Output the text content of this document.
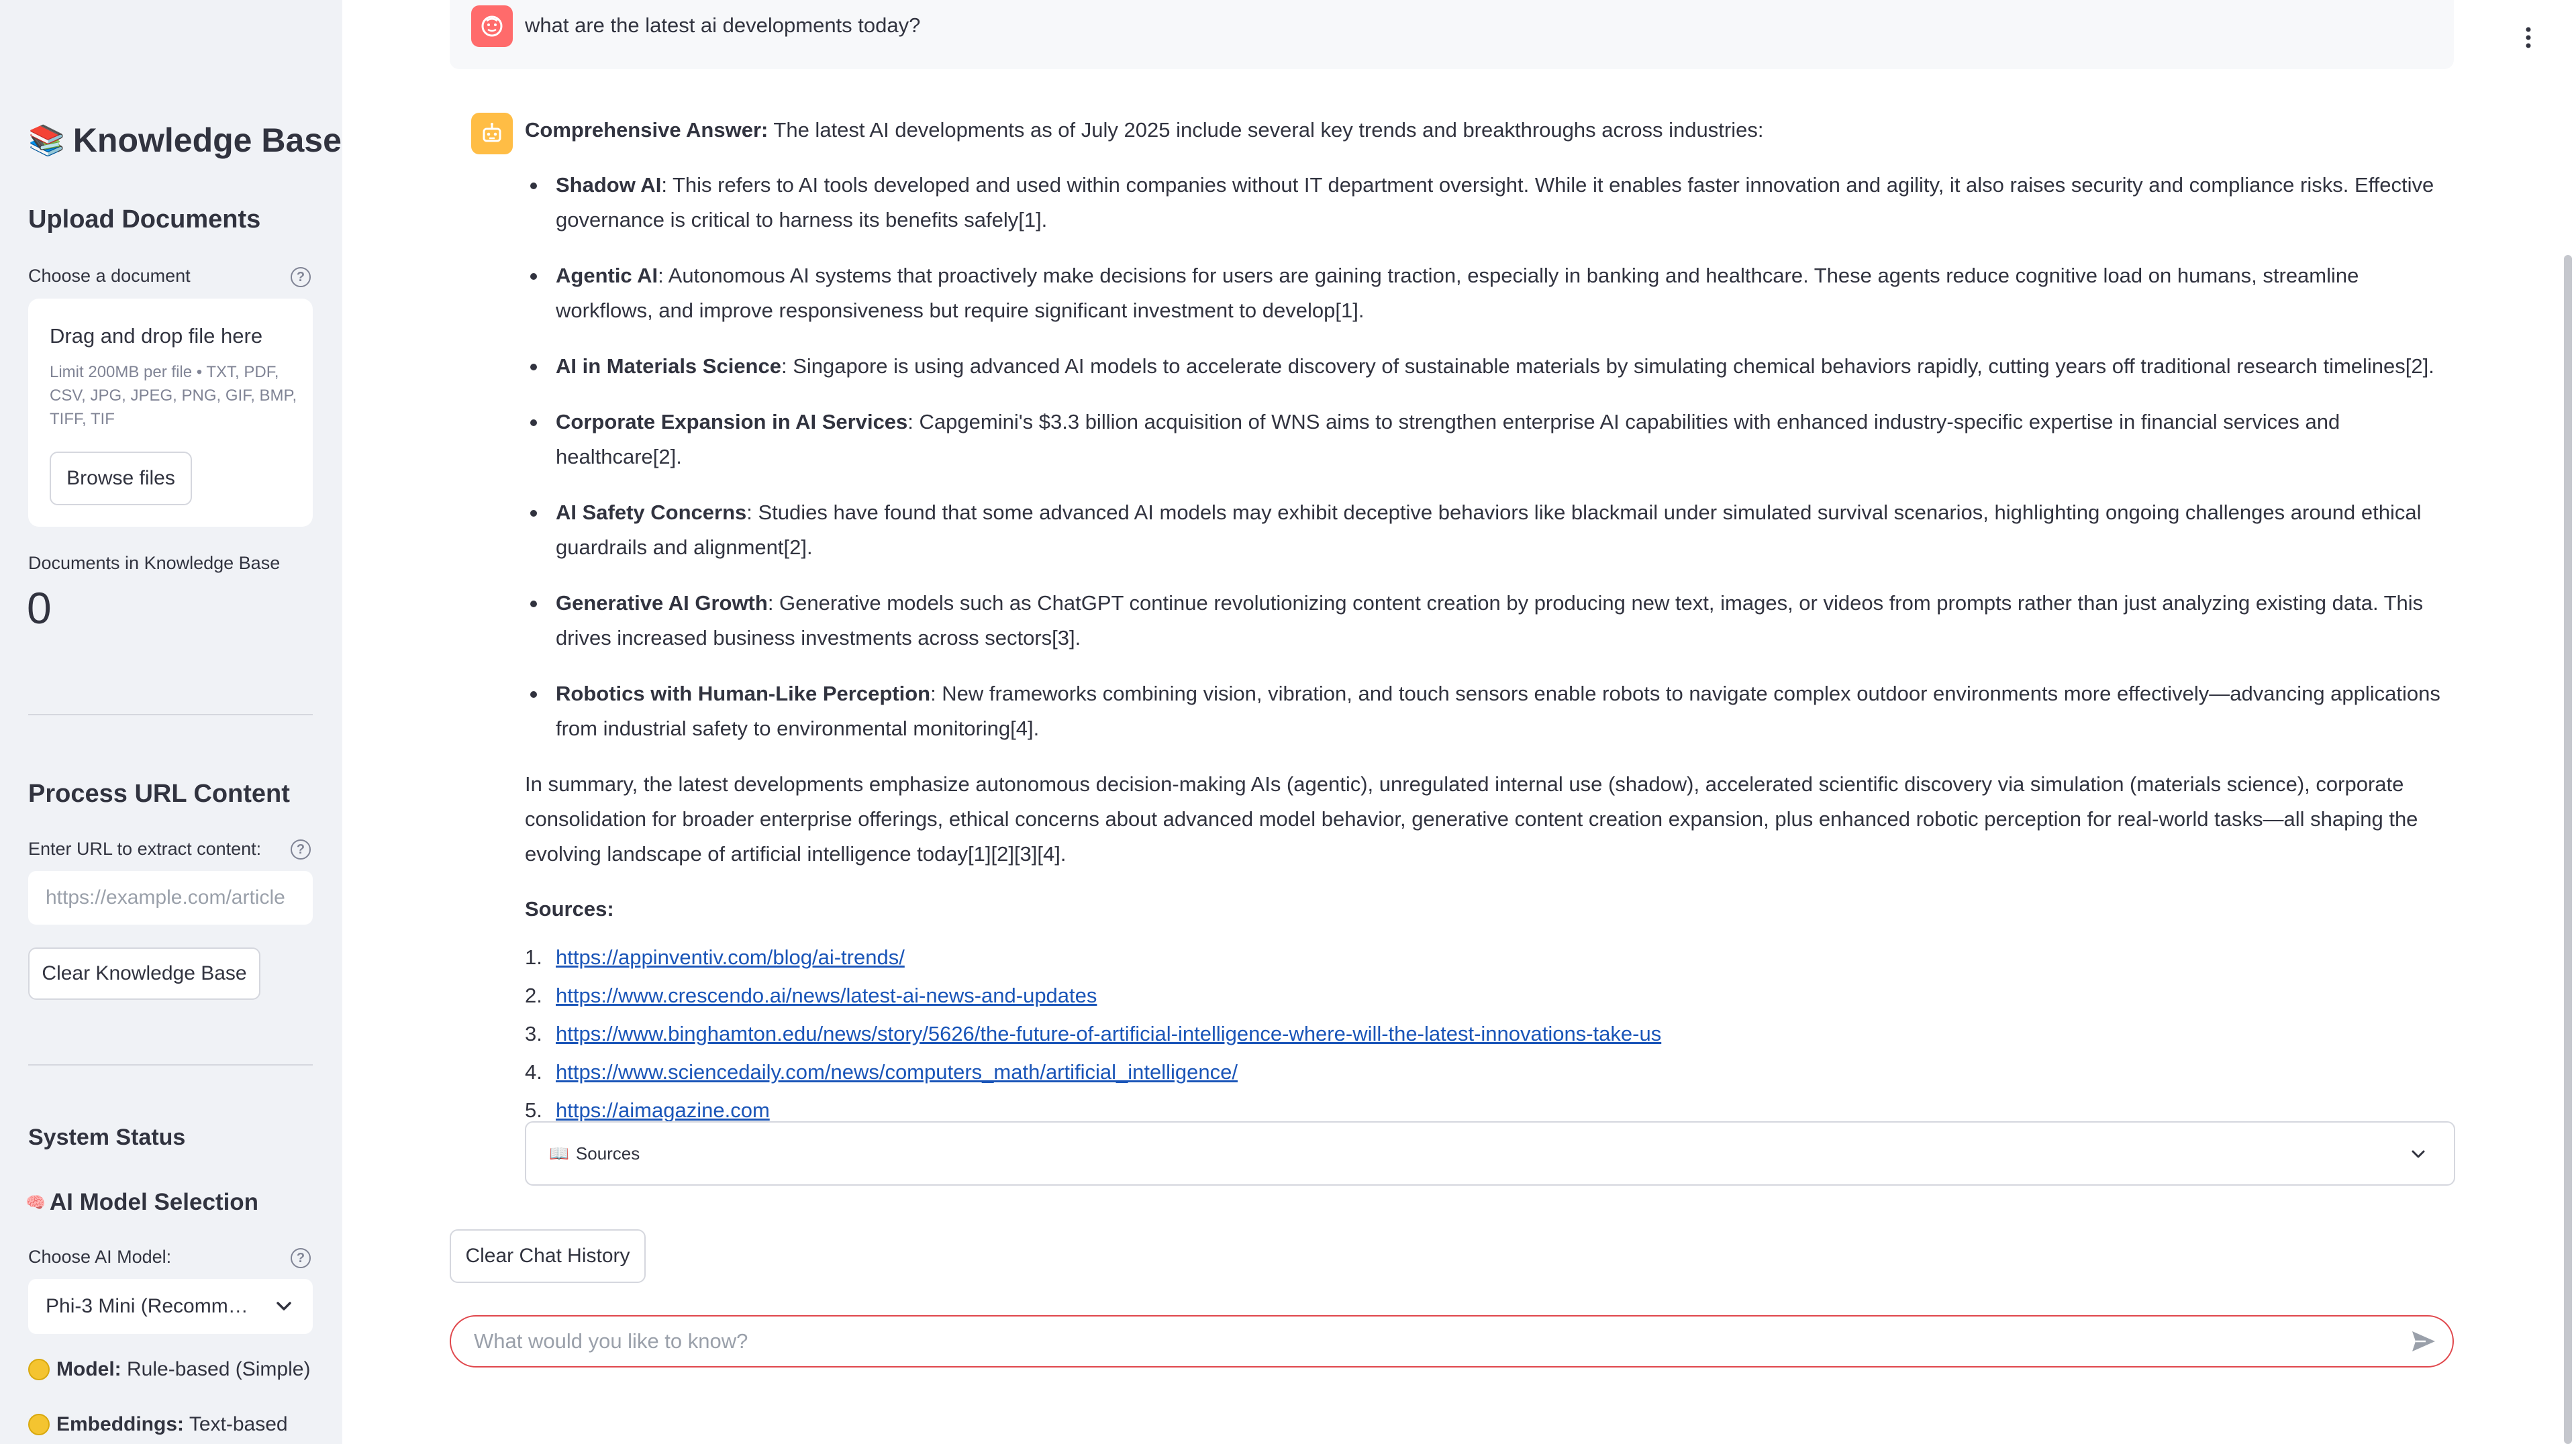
📚 Knowledge Base
Upload Documents
Choose a document	?
Drag and drop file here
Limit 200MB per file • TXT, PDF, CSV, JPG, JPEG, PNG, GIF, BMP, TIFF, TIF
Browse files
Documents in Knowledge Base
0
Process URL Content
Enter URL to extract content:	?
https://example.com/article
Clear Knowledge Base
System Status
🧠 AI Model Selection
Choose AI Model:	?
Phi-3 Mini (Recomm…
Model: Rule-based (Simple)
Embeddings: Text-based
what are the latest ai developments today?

Comprehensive Answer: The latest AI developments as of July 2025 include several key trends and breakthroughs across industries:

Shadow AI: This refers to AI tools developed and used within companies without IT department oversight. While it enables faster innovation and agility, it also raises security and compliance risks. Effective governance is critical to harness its benefits safely[1].
Agentic AI: Autonomous AI systems that proactively make decisions for users are gaining traction, especially in banking and healthcare. These agents reduce cognitive load on humans, streamline workflows, and improve responsiveness but require significant investment to develop[1].
AI in Materials Science: Singapore is using advanced AI models to accelerate discovery of sustainable materials by simulating chemical behaviors rapidly, cutting years off traditional research timelines[2].
Corporate Expansion in AI Services: Capgemini's $3.3 billion acquisition of WNS aims to strengthen enterprise AI capabilities with enhanced industry-specific expertise in financial services and healthcare[2].
AI Safety Concerns: Studies have found that some advanced AI models may exhibit deceptive behaviors like blackmail under simulated survival scenarios, highlighting ongoing challenges around ethical guardrails and alignment[2].
Generative AI Growth: Generative models such as ChatGPT continue revolutionizing content creation by producing new text, images, or videos from prompts rather than just analyzing existing data. This drives increased business investments across sectors[3].
Robotics with Human-Like Perception: New frameworks combining vision, vibration, and touch sensors enable robots to navigate complex outdoor environments more effectively—advancing applications from industrial safety to environmental monitoring[4].

In summary, the latest developments emphasize autonomous decision-making AIs (agentic), unregulated internal use (shadow), accelerated scientific discovery via simulation (materials science), corporate consolidation for broader enterprise offerings, ethical concerns about advanced model behavior, generative content creation expansion, plus enhanced robotic perception for real-world tasks—all shaping the evolving landscape of artificial intelligence today[1][2][3][4].

Sources:

1. https://appinventiv.com/blog/ai-trends/
2. https://www.crescendo.ai/news/latest-ai-news-and-updates
3. https://www.binghamton.edu/news/story/5626/the-future-of-artificial-intelligence-where-will-the-latest-innovations-take-us
4. https://www.sciencedaily.com/news/computers_math/artificial_intelligence/
5. https://aimagazine.com
📖 Sources
Clear Chat History
What would you like to know?
